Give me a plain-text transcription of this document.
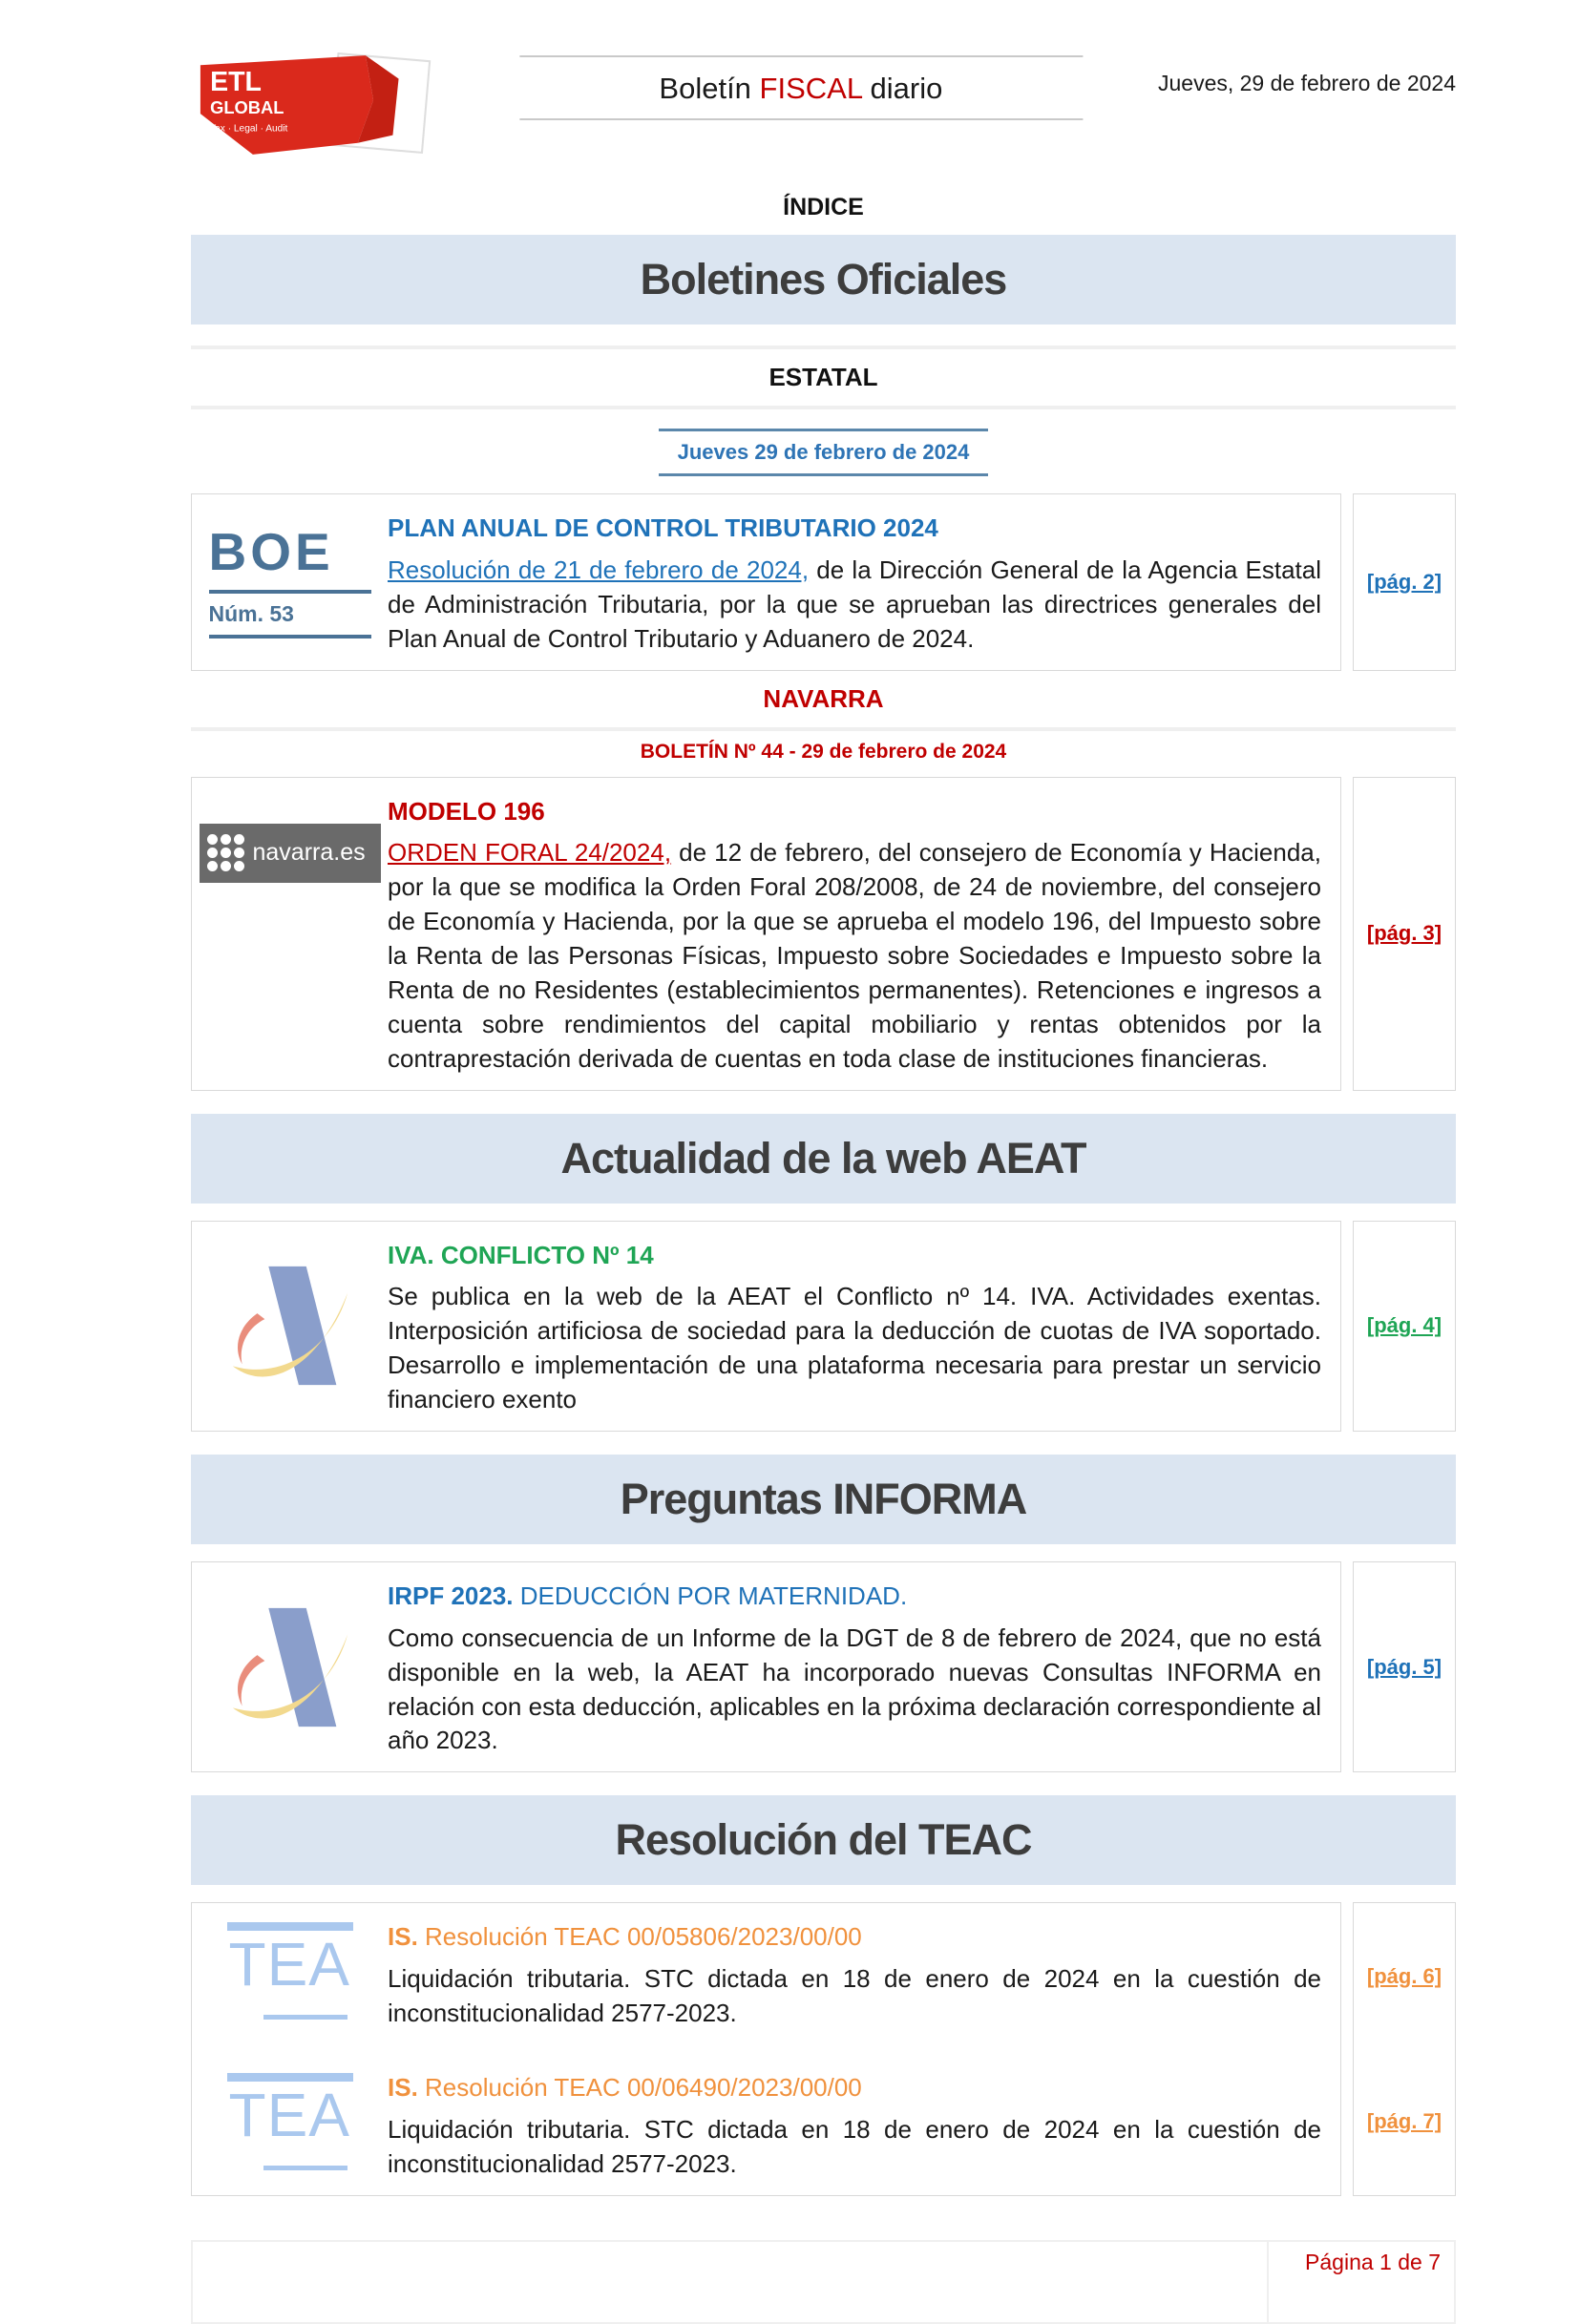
ETL
GLOBAL
Tax · Legal · Audit
Boletín FISCAL diario	Jueves, 29 de febrero de 2024
ÍNDICE
Boletines Oficiales
ESTATAL
Jueves 29 de febrero de 2024
BOE
Núm. 53
PLAN ANUAL DE CONTROL TRIBUTARIO 2024
Resolución de 21 de febrero de 2024, de la Dirección General de la Agencia Estatal de Administración Tributaria, por la que se aprueban las directrices generales del Plan Anual de Control Tributario y Aduanero de 2024.
[pág. 2]
NAVARRA
BOLETÍN Nº 44 - 29 de febrero de 2024
navarra.es
MODELO 196
ORDEN FORAL 24/2024, de 12 de febrero, del consejero de Economía y Hacienda, por la que se modifica la Orden Foral 208/2008, de 24 de noviembre, del consejero de Economía y Hacienda, por la que se aprueba el modelo 196, del Impuesto sobre la Renta de las Personas Físicas, Impuesto sobre Sociedades e Impuesto sobre la Renta de no Residentes (establecimientos permanentes). Retenciones e ingresos a cuenta sobre rendimientos del capital mobiliario y rentas obtenidos por la contraprestación derivada de cuentas en toda clase de instituciones financieras.
[pág. 3]
Actualidad de la web AEAT
IVA. CONFLICTO Nº 14
Se publica en la web de la AEAT el Conflicto nº 14. IVA. Actividades exentas. Interposición artificiosa de sociedad para la deducción de cuotas de IVA soportado. Desarrollo e implementación de una plataforma necesaria para prestar un servicio financiero exento
[pág. 4]
Preguntas INFORMA
IRPF 2023. DEDUCCIÓN POR MATERNIDAD.
Como consecuencia de un Informe de la DGT de 8 de febrero de 2024, que no está disponible en la web, la AEAT ha incorporado nuevas Consultas INFORMA en relación con esta deducción, aplicables en la próxima declaración correspondiente al año 2023.
[pág. 5]
Resolución del TEAC
TEA IS. Resolución TEAC 00/05806/2023/00/00
Liquidación tributaria. STC dictada en 18 de enero de 2024 en la cuestión de inconstitucionalidad 2577-2023.
TEA IS. Resolución TEAC 00/06490/2023/00/00
Liquidación tributaria. STC dictada en 18 de enero de 2024 en la cuestión de inconstitucionalidad 2577-2023.
[pág. 6]
[pág. 7]
Página 1 de 7
